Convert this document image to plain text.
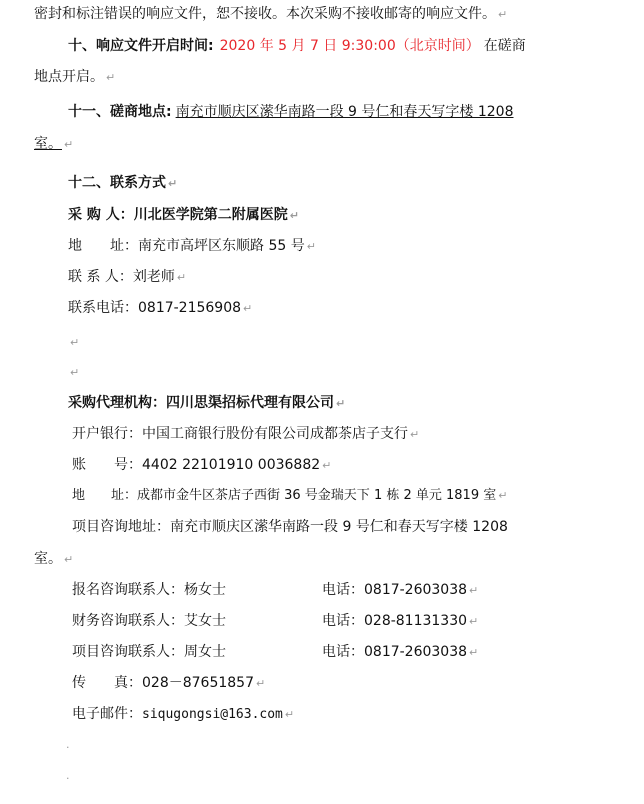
密封和标注错误的响应文件，恕不接收。本次采购不接收邮寄的响应文件。 ↵
十、响应文件开启时间: 2020 年 5 月 7 日 9:30:00（北京时间） 在磋商
地点开启。 ↵
十一、磋商地点: 南充市顺庆区潆华南路一段 9 号仁和春天写字楼 1208
室。 ↵
十二、联系方式 ↵
采 购 人：川北医学院第二附属医院 ↵
地　　址：南充市高坪区东顺路 55 号 ↵
联 系 人：刘老师 ↵
联系电话：0817-2156908 ↵
↵
↵
采购代理机构：四川思渠招标代理有限公司 ↵
开户银行：中国工商银行股份有限公司成都茶店子支行 ↵
账　　号：4402 22101910 0036882 ↵
地　　址：成都市金牛区茶店子西街 36 号金瑞天下 1 栋 2 单元 1819 室 ↵
项目咨询地址：南充市顺庆区潆华南路一段 9 号仁和春天写字楼 1208
室。 ↵
报名咨询联系人：杨女士	电话：0817-2603038 ↵
财务咨询联系人：艾女士	电话：028-81131330 ↵
项目咨询联系人：周女士	电话：0817-2603038 ↵
传　　真：028－87651857 ↵
电子邮件：siqugongsi@163.com ↵
·
·
